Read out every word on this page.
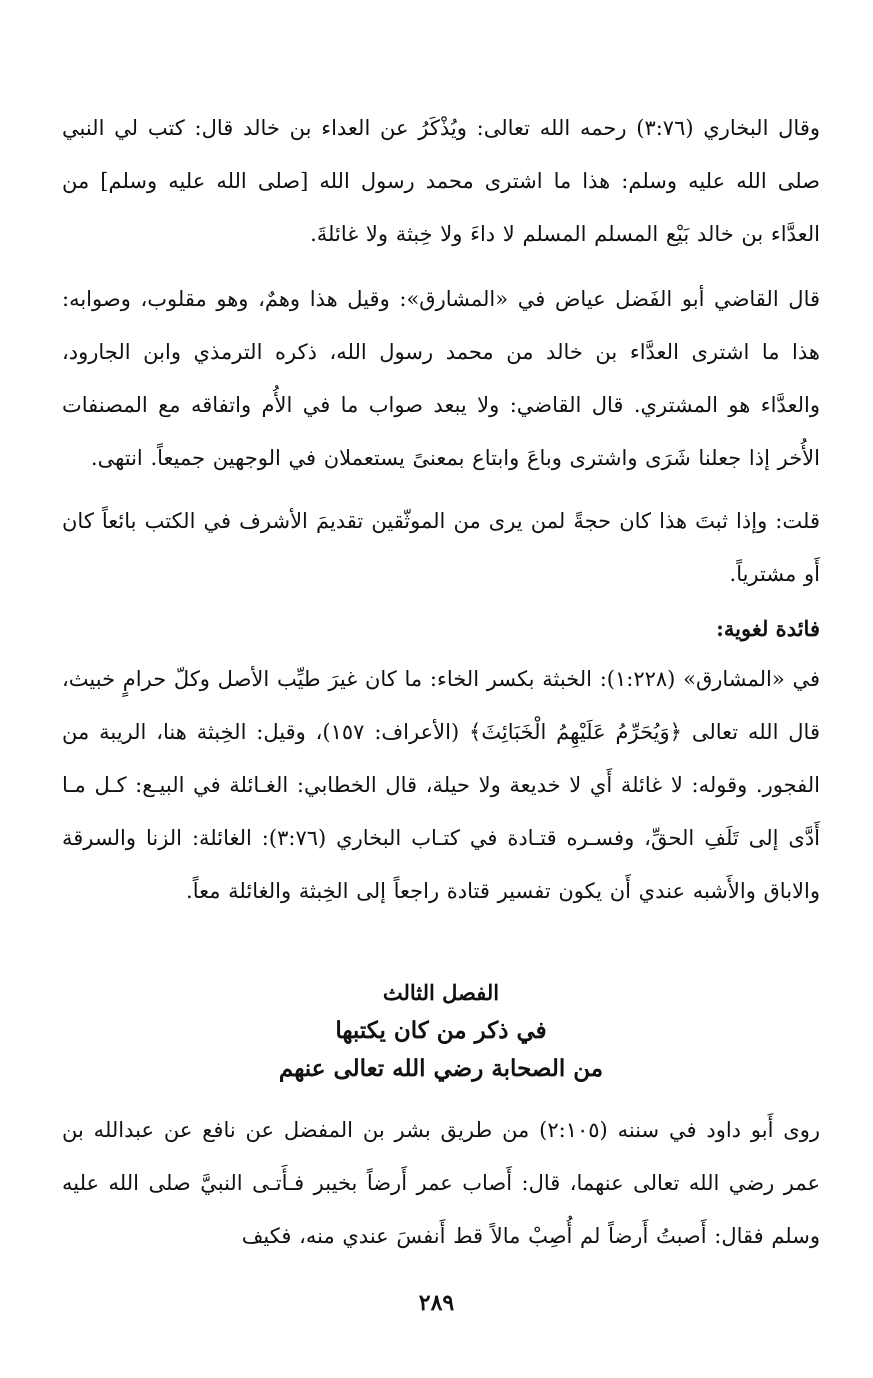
وقال البخاري (٣:٧٦) رحمه الله تعالى: ويُذْكَرُ عن العداء بن خالد قال: كتب لي النبي صلى الله عليه وسلم: هذا ما اشترى محمد رسول الله [صلى الله عليه وسلم] من العدَّاء بن خالد بَيْع المسلم المسلم لا داءَ ولا خِبثة ولا غائلةَ.

قال القاضي أبو الفَضل عياض في «المشارق»: وقيل هذا وهمٌ، وهو مقلوب، وصوابه: هذا ما اشترى العدَّاء بن خالد من محمد رسول الله، ذكره الترمذي وابن الجارود، والعدَّاء هو المشتري. قال القاضي: ولا يبعد صواب ما في الأُم واتفاقه مع المصنفات الأُخر إذا جعلنا شَرَى واشترى وباعَ وابتاع بمعنىً يستعملان في الوجهين جميعاً. انتهى.

قلت: وإذا ثبتَ هذا كان حجةً لمن يرى من الموثّقين تقديمَ الأشرف في الكتب بائعاً كان أَو مشترياً.

فائدة لغوية:

في «المشارق» (١:٢٢٨): الخبثة بكسر الخاء: ما كان غيرَ طيِّب الأصل وكلّ حرامٍ خبيث، قال الله تعالى ﴿وَيُحَرِّمُ عَلَيْهِمُ الْخَبَائِثَ﴾ (الأعراف: ١٥٧)، وقيل: الخِبثة هنا، الريبة من الفجور. وقوله: لا غائلة أَي لا خديعة ولا حيلة، قال الخطابي: الغـائلة في البيـع: كـل مـا أَدَّى إلى تَلَفِ الحقِّ، وفسـره قتـادة في كتـاب البخاري (٣:٧٦): الغائلة: الزنا والسرقة والاباق والأَشبه عندي أَن يكون تفسير قتادة راجعاً إلى الخِبثة والغائلة معاً.

الفصل الثالث
في ذكر من كان يكتبها
من الصحابة رضي الله تعالى عنهم

روى أَبو داود في سننه (٢:١٠٥) من طريق بشر بن المفضل عن نافع عن عبدالله بن عمر رضي الله تعالى عنهما، قال: أَصاب عمر أَرضاً بخيبر فـأَتـى النبيَّ صلى الله عليه وسلم فقال: أَصبتُ أَرضاً لم أُصِبْ مالاً قط أَنفسَ عندي منه، فكيف

٢٨٩
